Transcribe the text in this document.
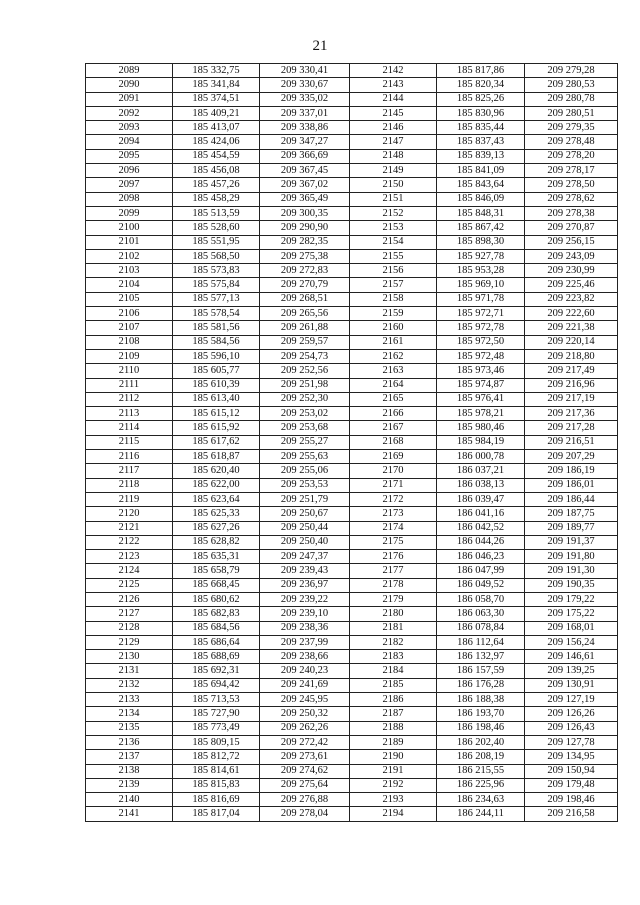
21
2089	185 332,75	209 330,41	2142	185 817,86	209 279,28
2090	185 341,84	209 330,67	2143	185 820,34	209 280,53
2091	185 374,51	209 335,02	2144	185 825,26	209 280,78
2092	185 409,21	209 337,01	2145	185 830,96	209 280,51
2093	185 413,07	209 338,86	2146	185 835,44	209 279,35
2094	185 424,06	209 347,27	2147	185 837,43	209 278,48
2095	185 454,59	209 366,69	2148	185 839,13	209 278,20
2096	185 456,08	209 367,45	2149	185 841,09	209 278,17
2097	185 457,26	209 367,02	2150	185 843,64	209 278,50
2098	185 458,29	209 365,49	2151	185 846,09	209 278,62
2099	185 513,59	209 300,35	2152	185 848,31	209 278,38
2100	185 528,60	209 290,90	2153	185 867,42	209 270,87
2101	185 551,95	209 282,35	2154	185 898,30	209 256,15
2102	185 568,50	209 275,38	2155	185 927,78	209 243,09
2103	185 573,83	209 272,83	2156	185 953,28	209 230,99
2104	185 575,84	209 270,79	2157	185 969,10	209 225,46
2105	185 577,13	209 268,51	2158	185 971,78	209 223,82
2106	185 578,54	209 265,56	2159	185 972,71	209 222,60
2107	185 581,56	209 261,88	2160	185 972,78	209 221,38
2108	185 584,56	209 259,57	2161	185 972,50	209 220,14
2109	185 596,10	209 254,73	2162	185 972,48	209 218,80
2110	185 605,77	209 252,56	2163	185 973,46	209 217,49
2111	185 610,39	209 251,98	2164	185 974,87	209 216,96
2112	185 613,40	209 252,30	2165	185 976,41	209 217,19
2113	185 615,12	209 253,02	2166	185 978,21	209 217,36
2114	185 615,92	209 253,68	2167	185 980,46	209 217,28
2115	185 617,62	209 255,27	2168	185 984,19	209 216,51
2116	185 618,87	209 255,63	2169	186 000,78	209 207,29
2117	185 620,40	209 255,06	2170	186 037,21	209 186,19
2118	185 622,00	209 253,53	2171	186 038,13	209 186,01
2119	185 623,64	209 251,79	2172	186 039,47	209 186,44
2120	185 625,33	209 250,67	2173	186 041,16	209 187,75
2121	185 627,26	209 250,44	2174	186 042,52	209 189,77
2122	185 628,82	209 250,40	2175	186 044,26	209 191,37
2123	185 635,31	209 247,37	2176	186 046,23	209 191,80
2124	185 658,79	209 239,43	2177	186 047,99	209 191,30
2125	185 668,45	209 236,97	2178	186 049,52	209 190,35
2126	185 680,62	209 239,22	2179	186 058,70	209 179,22
2127	185 682,83	209 239,10	2180	186 063,30	209 175,22
2128	185 684,56	209 238,36	2181	186 078,84	209 168,01
2129	185 686,64	209 237,99	2182	186 112,64	209 156,24
2130	185 688,69	209 238,66	2183	186 132,97	209 146,61
2131	185 692,31	209 240,23	2184	186 157,59	209 139,25
2132	185 694,42	209 241,69	2185	186 176,28	209 130,91
2133	185 713,53	209 245,95	2186	186 188,38	209 127,19
2134	185 727,90	209 250,32	2187	186 193,70	209 126,26
2135	185 773,49	209 262,26	2188	186 198,46	209 126,43
2136	185 809,15	209 272,42	2189	186 202,40	209 127,78
2137	185 812,72	209 273,61	2190	186 208,19	209 134,95
2138	185 814,61	209 274,62	2191	186 215,55	209 150,94
2139	185 815,83	209 275,64	2192	186 225,96	209 179,48
2140	185 816,69	209 276,88	2193	186 234,63	209 198,46
2141	185 817,04	209 278,04	2194	186 244,11	209 216,58
